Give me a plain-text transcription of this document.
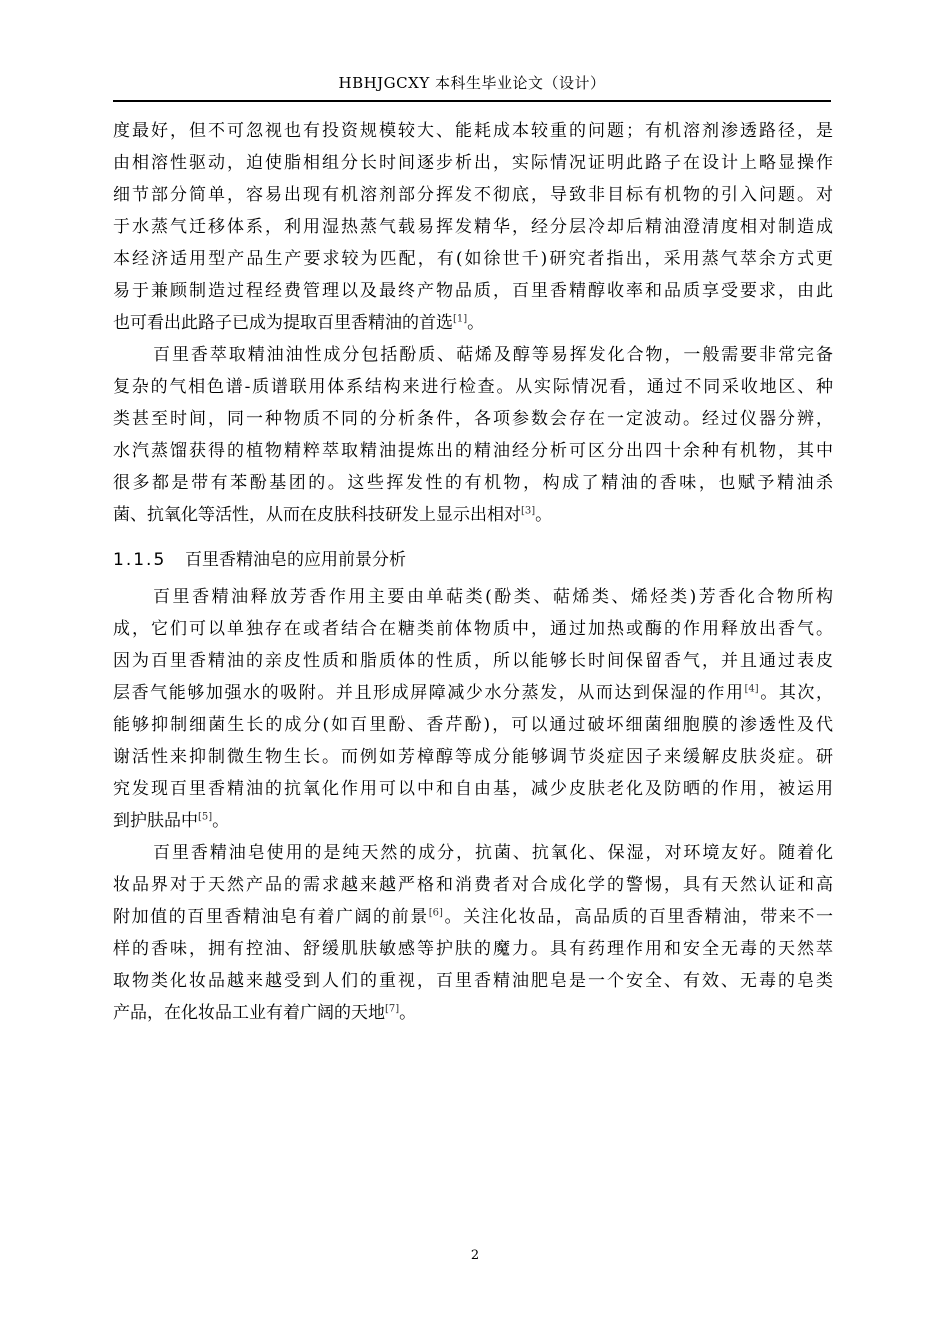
HBHJGCXY 本科生毕业论文（设计）
度最好，但不可忽视也有投资规模较大、能耗成本较重的问题；有机溶剂渗透路径，是
由相溶性驱动，迫使脂相组分长时间逐步析出，实际情况证明此路子在设计上略显操作
细节部分简单，容易出现有机溶剂部分挥发不彻底，导致非目标有机物的引入问题。对
于水蒸气迁移体系，利用湿热蒸气载易挥发精华，经分层冷却后精油澄清度相对制造成
本经济适用型产品生产要求较为匹配，有(如徐世千)研究者指出，采用蒸气萃余方式更
易于兼顾制造过程经费管理以及最终产物品质，百里香精醇收率和品质享受要求，由此
也可看出此路子已成为提取百里香精油的首选[1]。
百里香萃取精油油性成分包括酚质、萜烯及醇等易挥发化合物，一般需要非常完备
复杂的气相色谱-质谱联用体系结构来进行检查。从实际情况看，通过不同采收地区、种
类甚至时间，同一种物质不同的分析条件，各项参数会存在一定波动。经过仪器分辨，
水汽蒸馏获得的植物精粹萃取精油提炼出的精油经分析可区分出四十余种有机物，其中
很多都是带有苯酚基团的。这些挥发性的有机物，构成了精油的香味，也赋予精油杀
菌、抗氧化等活性，从而在皮肤科技研发上显示出相对[3]。
1.1.5 百里香精油皂的应用前景分析
百里香精油释放芳香作用主要由单萜类(酚类、萜烯类、烯烃类)芳香化合物所构
成，它们可以单独存在或者结合在糖类前体物质中，通过加热或酶的作用释放出香气。
因为百里香精油的亲皮性质和脂质体的性质，所以能够长时间保留香气，并且通过表皮
层香气能够加强水的吸附。并且形成屏障减少水分蒸发，从而达到保湿的作用[4]。其次，
能够抑制细菌生长的成分(如百里酚、香芹酚)，可以通过破坏细菌细胞膜的渗透性及代
谢活性来抑制微生物生长。而例如芳樟醇等成分能够调节炎症因子来缓解皮肤炎症。研
究发现百里香精油的抗氧化作用可以中和自由基，减少皮肤老化及防晒的作用，被运用
到护肤品中[5]。
百里香精油皂使用的是纯天然的成分，抗菌、抗氧化、保湿，对环境友好。随着化
妆品界对于天然产品的需求越来越严格和消费者对合成化学的警惕，具有天然认证和高
附加值的百里香精油皂有着广阔的前景[6]。关注化妆品，高品质的百里香精油，带来不一
样的香味，拥有控油、舒缓肌肤敏感等护肤的魔力。具有药理作用和安全无毒的天然萃
取物类化妆品越来越受到人们的重视，百里香精油肥皂是一个安全、有效、无毒的皂类
产品，在化妆品工业有着广阔的天地[7]。
2
